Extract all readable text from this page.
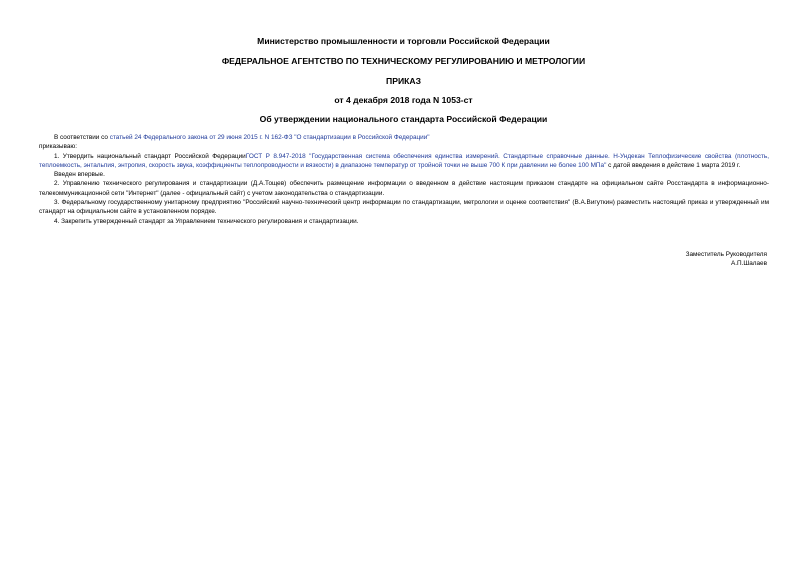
Министерство промышленности и торговли Российской Федерации
ФЕДЕРАЛЬНОЕ АГЕНТСТВО ПО ТЕХНИЧЕСКОМУ РЕГУЛИРОВАНИЮ И МЕТРОЛОГИИ
ПРИКАЗ
от 4 декабря 2018 года N 1053-ст
Об утверждении национального стандарта Российской Федерации

В соответствии со статьей 24 Федерального закона от 29 июня 2015 г. N 162-ФЗ "О стандартизации в Российской Федерации"

приказываю:

1. Утвердить национальный стандарт Российской ФедерацииГОСТ Р 8.947-2018 "Государственная система обеспечения единства измерений. Стандартные справочные данные. Н-Ундекан Теплофизические свойства (плотность, теплоемкость, энтальпия, энтропия, скорость звука, коэффициенты теплопроводности и вязкости) в диапазоне температур от тройной точки не выше 700 К при давлении не более 100 МПа" с датой введения в действие 1 марта 2019 г.

Введен впервые.

2. Управлению технического регулирования и стандартизации (Д.А.Тощев) обеспечить размещение информации о введенном в действие настоящим приказом стандарте на официальном сайте Росстандарта в информационно-телекоммуникационной сети "Интернет" (далее - официальный сайт) с учетом законодательства о стандартизации.

3. Федеральному государственному унитарному предприятию "Российский научно-технический центр информации по стандартизации, метрологии и оценке соответствия" (В.А.Вигуткин) разместить настоящий приказ и утвержденный им стандарт на официальном сайте в установленном порядке.

4. Закрепить утвержденный стандарт за Управлением технического регулирования и стандартизации.

Заместитель Руководителя
А.П.Шалаев
